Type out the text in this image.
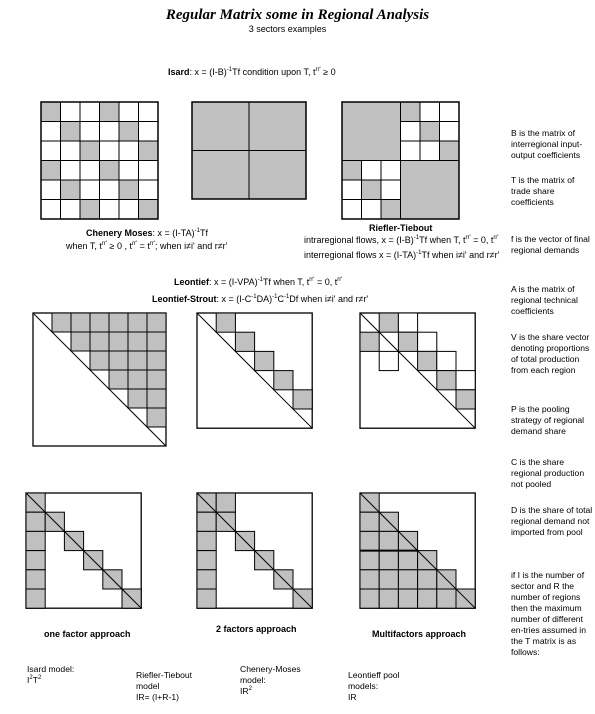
Regular Matrix some in Regional Analysis
3 sectors examples
Isard: $x = (I-B)^{-1}Tf$ condition upon T, $t^{rr'} \ge 0$
Chenery Moses: $x = (I-TA)^{-1}Tf$
when T, $t^{rr'} \ge 0$ , $t^{rr'} = t^{rr'}$; when i≠i' and r≠r'
Riefler-Tiebout
intraregional flows, $x = (I-B)^{-1}Tf$ when T, $t^{rr'} = 0$, $t^{rr'}$
interregional flows $x = (I-TA)^{-1}Tf$ when i≠i' and r≠r'
Leontief: $x = (I-VPA)^{-1}Tf$ when T, $t^{rr'} = 0$, $t^{rr'}$
Leontief-Strout: $x = (I-C^{-1}DA)^{-1}C^{-1}Df$ when i≠i' and r≠r'
one factor approach	2 factors approach	Multifactors approach
B is the matrix of interregional input-output coefficients
T is the matrix of trade share coefficients
f is the vector of final regional demands
A is the matrix of regional technical coefficients
V is the share vector denoting proportions of total production from each region
P is the pooling strategy of regional demand share
C is the share regional production not pooled
D is the share of total regional demand not imported from pool
if I is the number of sector and R the number of regions then the maximum number of different en-tries assumed in the T matrix is as follows:
Isard model:
$I^2T^2$	Riefler-Tiebout model
IR= (I+R-1)
Chenery-Moses model:
$IR^2$
Leontieff pool models:
IR
